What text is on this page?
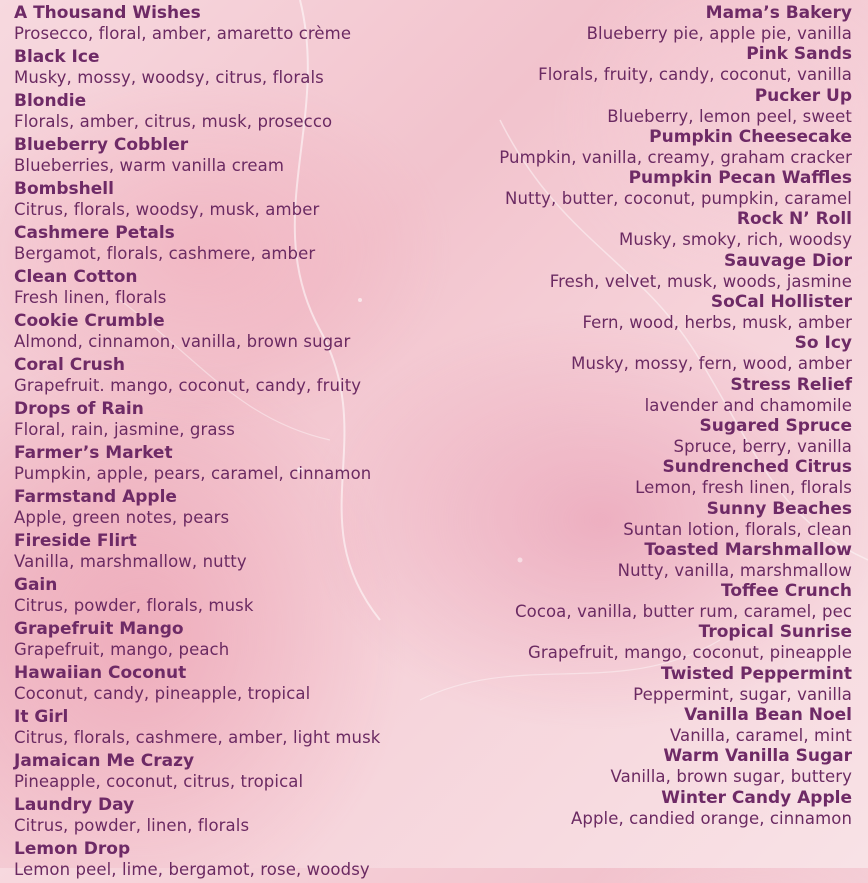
A Thousand Wishes
Prosecco, floral, amber, amaretto crème
Black Ice
Musky, mossy, woodsy, citrus, florals
Blondie
Florals, amber, citrus, musk, prosecco
Blueberry Cobbler
Blueberries, warm vanilla cream
Bombshell
Citrus, florals, woodsy, musk, amber
Cashmere Petals
Bergamot, florals, cashmere, amber
Clean Cotton
Fresh linen, florals
Cookie Crumble
Almond, cinnamon, vanilla, brown sugar
Coral Crush
Grapefruit. mango, coconut, candy, fruity
Drops of Rain
Floral, rain, jasmine, grass
Farmer’s Market
Pumpkin, apple, pears, caramel, cinnamon
Farmstand Apple
Apple, green notes, pears
Fireside Flirt
Vanilla, marshmallow, nutty
Gain
Citrus, powder, florals, musk
Grapefruit Mango
Grapefruit, mango, peach
Hawaiian Coconut
Coconut, candy, pineapple, tropical
It Girl
Citrus, florals, cashmere, amber, light musk
Jamaican Me Crazy
Pineapple, coconut, citrus, tropical
Laundry Day
Citrus, powder, linen, florals
Lemon Drop
Lemon peel, lime, bergamot, rose, woodsy
Mama’s Bakery
Blueberry pie, apple pie, vanilla
Pink Sands
Florals, fruity, candy, coconut, vanilla
Pucker Up
Blueberry, lemon peel, sweet
Pumpkin Cheesecake
Pumpkin, vanilla, creamy, graham cracker
Pumpkin Pecan Waffles
Nutty, butter, coconut, pumpkin, caramel
Rock N’ Roll
Musky, smoky, rich, woodsy
Sauvage Dior
Fresh, velvet, musk, woods, jasmine
SoCal Hollister
Fern, wood, herbs, musk, amber
So Icy
Musky, mossy, fern, wood, amber
Stress Relief
lavender and chamomile
Sugared Spruce
Spruce, berry, vanilla
Sundrenched Citrus
Lemon, fresh linen, florals
Sunny Beaches
Suntan lotion, florals, clean
Toasted Marshmallow
Nutty, vanilla, marshmallow
Toffee Crunch
Cocoa, vanilla, butter rum, caramel, pec
Tropical Sunrise
Grapefruit, mango, coconut, pineapple
Twisted Peppermint
Peppermint, sugar, vanilla
Vanilla Bean Noel
Vanilla, caramel, mint
Warm Vanilla Sugar
Vanilla, brown sugar, buttery
Winter Candy Apple
Apple, candied orange, cinnamon
